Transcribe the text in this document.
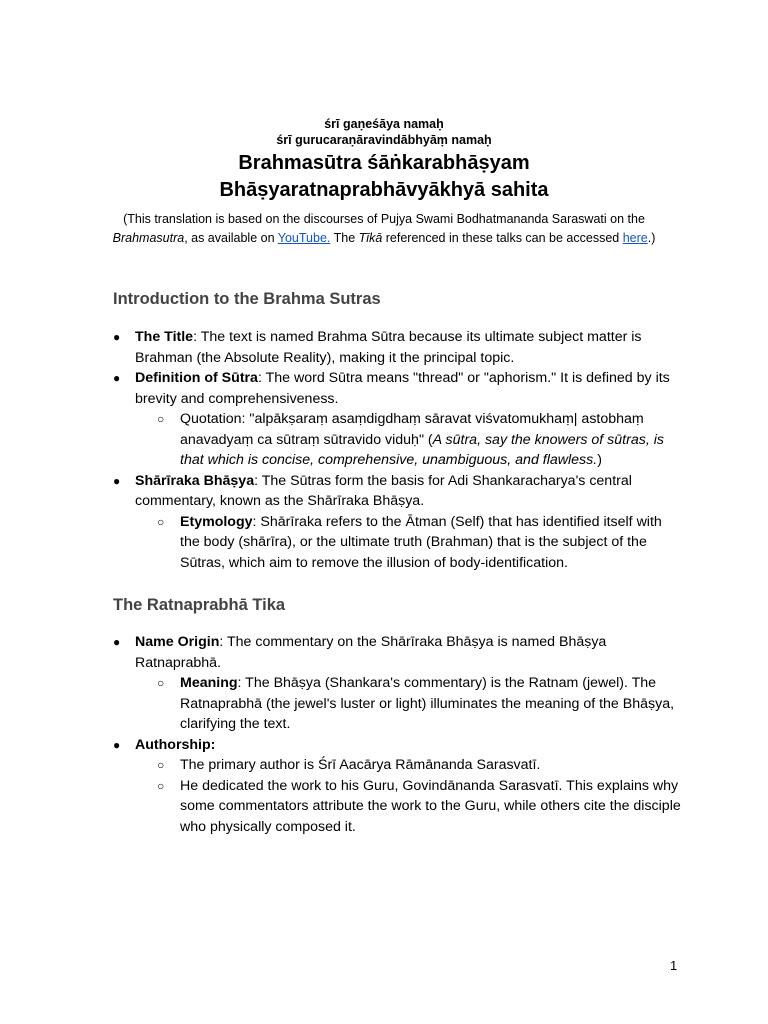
śrī gaṇeśāya namaḥ
śrī gurucaraṇāravindābhyāṃ namaḥ
Brahmasūtra śāṅkarabhāṣyam
Bhāṣyaratnaprabhāvyākhyā sahita
(This translation is based on the discourses of Pujya Swami Bodhatmananda Saraswati on the Brahmasutra, as available on YouTube. The Tīkā referenced in these talks can be accessed here.)
Introduction to the Brahma Sutras
● The Title: The text is named Brahma Sūtra because its ultimate subject matter is Brahman (the Absolute Reality), making it the principal topic.
● Definition of Sūtra: The word Sūtra means "thread" or "aphorism." It is defined by its brevity and comprehensiveness.
○ Quotation: "alpākṣaraṃ asaṃdigdhaṃ sāravat viśvatomukhaṃ| astobhaṃ anavadyaṃ ca sūtraṃ sūtravido viduḥ" (A sūtra, say the knowers of sūtras, is that which is concise, comprehensive, unambiguous, and flawless.)
● Shārīraka Bhāṣya: The Sūtras form the basis for Adi Shankaracharya's central commentary, known as the Shārīraka Bhāṣya.
○ Etymology: Shārīraka refers to the Ātman (Self) that has identified itself with the body (shārīra), or the ultimate truth (Brahman) that is the subject of the Sūtras, which aim to remove the illusion of body-identification.
The Ratnaprabhā Tika
● Name Origin: The commentary on the Shārīraka Bhāṣya is named Bhāṣya Ratnaprabhā.
○ Meaning: The Bhāṣya (Shankara's commentary) is the Ratnam (jewel). The Ratnaprabhā (the jewel's luster or light) illuminates the meaning of the Bhāṣya, clarifying the text.
● Authorship:
○ The primary author is Śrī Aacārya Rāmānanda Sarasvatī.
○ He dedicated the work to his Guru, Govindānanda Sarasvatī. This explains why some commentators attribute the work to the Guru, while others cite the disciple who physically composed it.
1
